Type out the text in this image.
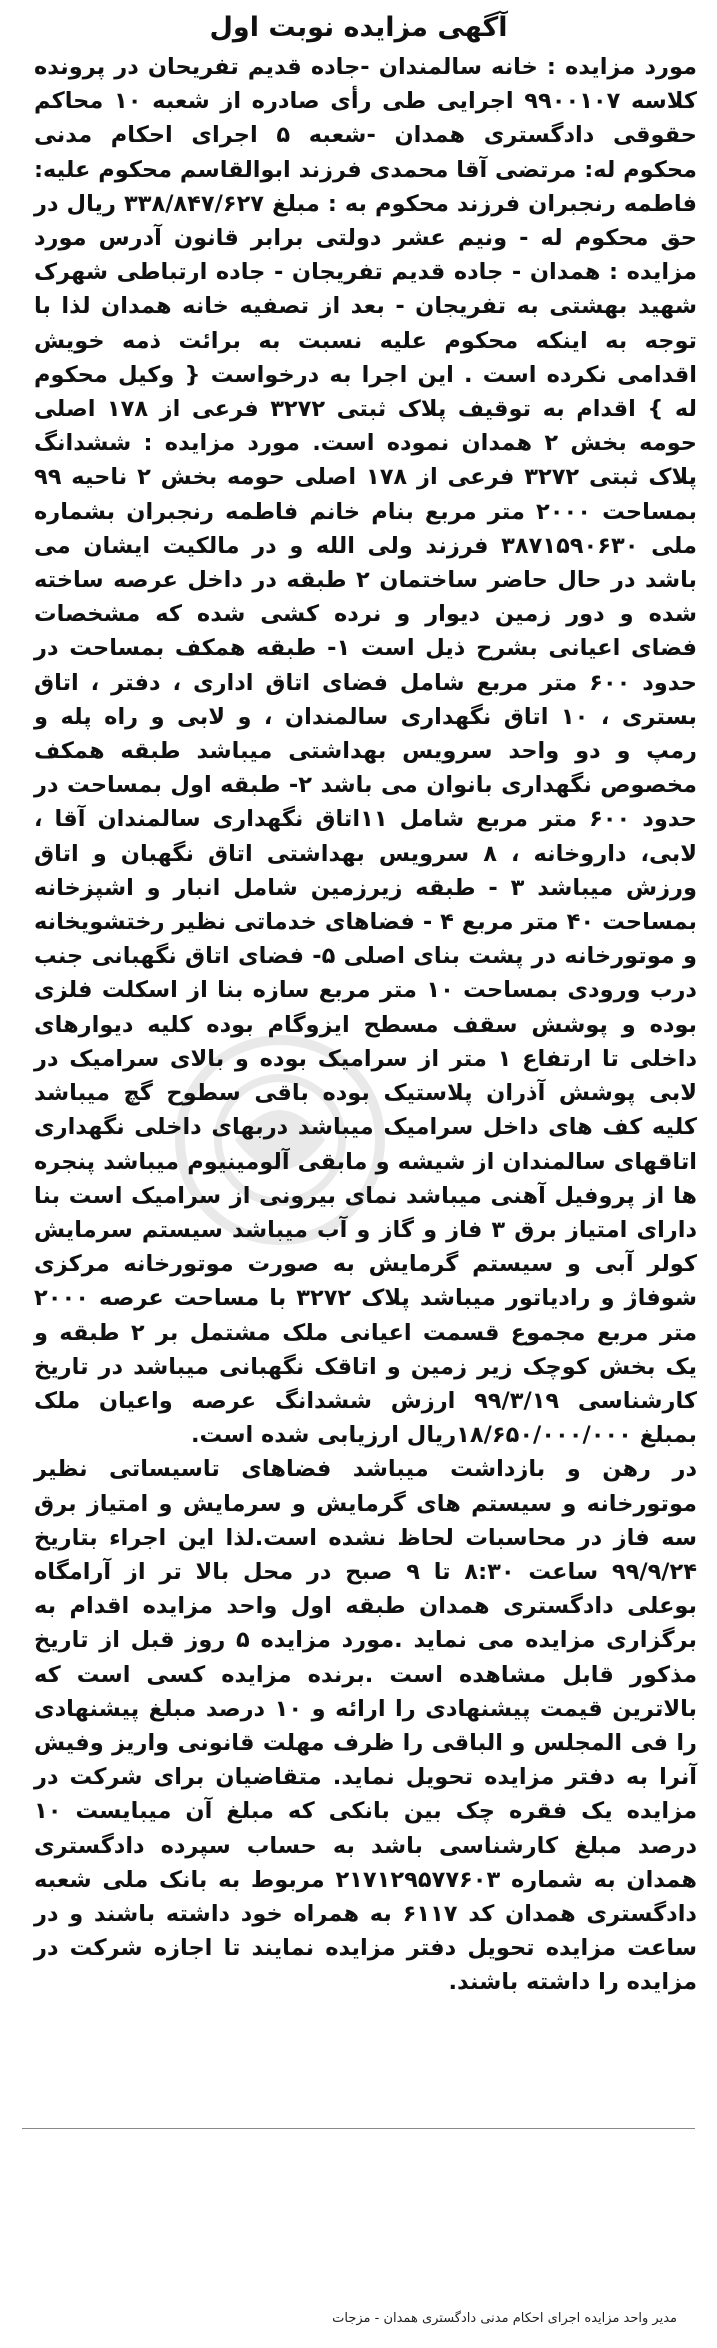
آگهی مزایده نوبت اول

مورد مزایده : خانه سالمندان -جاده قدیم تفریحان در پرونده کلاسه ۹۹۰۰۱۰۷ اجرایی طی رأی صادره از شعبه ۱۰ محاکم حقوقی دادگستری همدان -شعبه ۵ اجرای احکام مدنی محکوم له: مرتضی آقا محمدی فرزند ابوالقاسم محکوم علیه: فاطمه رنجبران فرزند محکوم به : مبلغ ۳۳۸/۸۴۷/۶۲۷ ریال در حق محکوم له - ونیم عشر دولتی برابر قانون آدرس مورد مزایده : همدان - جاده قدیم تفریجان - جاده ارتباطی شهرک شهید بهشتی به تفریجان - بعد از تصفیه خانه همدان لذا با توجه به اینکه محکوم علیه نسبت به برائت ذمه خویش اقدامی نکرده است . این اجرا به درخواست { وکیل محکوم له } اقدام به توقیف پلاک ثبتی ۳۲۷۲ فرعی از ۱۷۸ اصلی حومه بخش ۲ همدان نموده است. مورد مزایده : ششدانگ پلاک ثبتی ۳۲۷۲ فرعی از ۱۷۸ اصلی حومه بخش ۲ ناحیه ۹۹ بمساحت ۲۰۰۰ متر مربع بنام خانم فاطمه رنجبران بشماره ملی ۳۸۷۱۵۹۰۶۳۰ فرزند ولی الله و در مالکیت ایشان می باشد در حال حاضر ساختمان ۲ طبقه در داخل عرصه ساخته شده و دور زمین دیوار و نرده کشی شده که مشخصات فضای اعیانی بشرح ذیل است ۱- طبقه همکف بمساحت در حدود ۶۰۰ متر مربع شامل فضای اتاق اداری ، دفتر ، اتاق بستری ، ۱۰ اتاق نگهداری سالمندان ، و لابی و راه پله و رمپ و دو واحد سرویس بهداشتی میباشد طبقه همکف مخصوص نگهداری بانوان می باشد ۲- طبقه اول بمساحت در حدود ۶۰۰ متر مربع شامل ۱۱اتاق نگهداری سالمندان آقا ، لابی، داروخانه ، ۸ سرویس بهداشتی اتاق نگهبان و اتاق ورزش میباشد ۳ - طبقه زیرزمین شامل انبار و اشپزخانه بمساحت ۴۰ متر مربع ۴ - فضاهای خدماتی نظیر رختشویخانه و موتورخانه در پشت بنای اصلی ۵- فضای اتاق نگهبانی جنب درب ورودی بمساحت ۱۰ متر مربع سازه بنا از اسکلت فلزی بوده و پوشش سقف مسطح ایزوگام بوده کلیه دیوارهای داخلی تا ارتفاع ۱ متر از سرامیک بوده و بالای سرامیک در لابی پوشش آذران پلاستیک بوده باقی سطوح گچ میباشد کلیه کف های داخل سرامیک میباشد دربهای داخلی نگهداری اتاقهای سالمندان از شیشه و مابقی آلومینیوم میباشد پنجره ها از پروفیل آهنی میباشد نمای بیرونی از سرامیک است بنا دارای امتیاز برق ۳ فاز و گاز و آب میباشد سیستم سرمایش کولر آبی و سیستم گرمایش به صورت موتورخانه مرکزی شوفاژ و رادیاتور میباشد پلاک ۳۲۷۲ با مساحت عرصه ۲۰۰۰ متر مربع مجموع قسمت اعیانی ملک مشتمل بر ۲ طبقه و یک بخش کوچک زیر زمین و اتاقک نگهبانی میباشد در تاریخ کارشناسی ۹۹/۳/۱۹ ارزش ششدانگ عرصه واعیان ملک بمبلغ ۱۸/۶۵۰/۰۰۰/۰۰۰ریال ارزیابی شده است.

در رهن و بازداشت میباشد فضاهای تاسیساتی نظیر موتورخانه و سیستم های گرمایش و سرمایش و امتیاز برق سه فاز در محاسبات لحاظ نشده است.لذا این اجراء بتاریخ ۹۹/۹/۲۴ ساعت ۸:۳۰ تا ۹ صبح در محل بالا تر از آرامگاه بوعلی دادگستری همدان طبقه اول واحد مزایده اقدام به برگزاری مزایده می نماید .مورد مزایده ۵ روز قبل از تاریخ مذکور قابل مشاهده است .برنده مزایده کسی است که بالاترین قیمت پیشنهادی را ارائه و ۱۰ درصد مبلغ پیشنهادی را فی المجلس و الباقی را ظرف مهلت قانونی واریز وفیش آنرا به دفتر مزایده تحویل نماید. متقاضیان برای شرکت در مزایده یک فقره چک بین بانکی که مبلغ آن میبایست ۱۰ درصد مبلغ کارشناسی باشد به حساب سپرده دادگستری همدان به شماره ۲۱۷۱۲۹۵۷۷۶۰۳ مربوط به بانک ملی شعبه دادگستری همدان کد ۶۱۱۷ به همراه خود داشته باشند و در ساعت مزایده تحویل دفتر مزایده نمایند تا اجازه شرکت در مزایده را داشته باشند.

مدیر واحد مزایده اجرای احکام مدنی دادگستری همدان - مزجات
